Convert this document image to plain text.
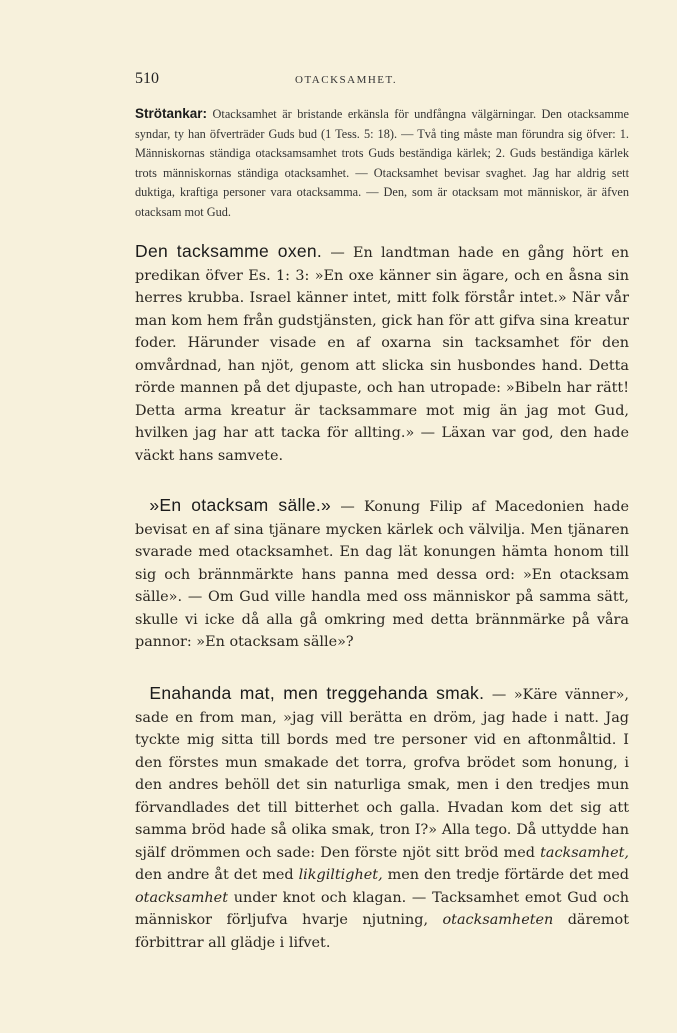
510	OTACKSAMHET.
Strötankar: Otacksamhet är bristande erkänsla för undfångna välgärningar. Den otacksamme syndar, ty han öfverträder Guds bud (1 Tess. 5: 18). — Två ting måste man förundra sig öfver: 1. Människornas ständiga otacksamsamhet trots Guds beständiga kärlek; 2. Guds beständiga kärlek trots människornas ständiga otacksamhet. — Otacksamhet bevisar svaghet. Jag har aldrig sett duktiga, kraftiga personer vara otacksamma. — Den, som är otacksam mot människor, är äfven otacksam mot Gud.
Den tacksamme oxen. — En landtman hade en gång hört en predikan öfver Es. 1: 3: »En oxe känner sin ägare, och en åsna sin herres krubba. Israel känner intet, mitt folk förstår intet.» När vår man kom hem från gudstjänsten, gick han för att gifva sina kreatur foder. Härunder visade en af oxarna sin tacksamhet för den omvårdnad, han njöt, genom att slicka sin husbondes hand. Detta rörde mannen på det djupaste, och han utropade: »Bibeln har rätt! Detta arma kreatur är tacksammare mot mig än jag mot Gud, hvilken jag har att tacka för allting.» — Läxan var god, den hade väckt hans samvete.
 »En otacksam sälle.» — Konung Filip af Macedonien hade bevisat en af sina tjänare mycken kärlek och välvilja. Men tjänaren svarade med otacksamhet. En dag lät konungen hämta honom till sig och brännmärkte hans panna med dessa ord: »En otacksam sälle». — Om Gud ville handla med oss människor på samma sätt, skulle vi icke då alla gå omkring med detta brännmärke på våra pannor: »En otacksam sälle»?
 Enahanda mat, men treggehanda smak. — »Käre vänner», sade en from man, »jag vill berätta en dröm, jag hade i natt. Jag tyckte mig sitta till bords med tre personer vid en aftonmåltid. I den förstes mun smakade det torra, grofva brödet som honung, i den andres behöll det sin naturliga smak, men i den tredjes mun förvandlades det till bitterhet och galla. Hvadan kom det sig att samma bröd hade så olika smak, tron I?» Alla tego. Då uttydde han själf drömmen och sade: Den förste njöt sitt bröd med tacksamhet, den andre åt det med likgiltighet, men den tredje förtärde det med otacksamhet under knot och klagan. — Tacksamhet emot Gud och människor förljufva hvarje njutning, otacksamheten däremot förbittrar all glädje i lifvet.
